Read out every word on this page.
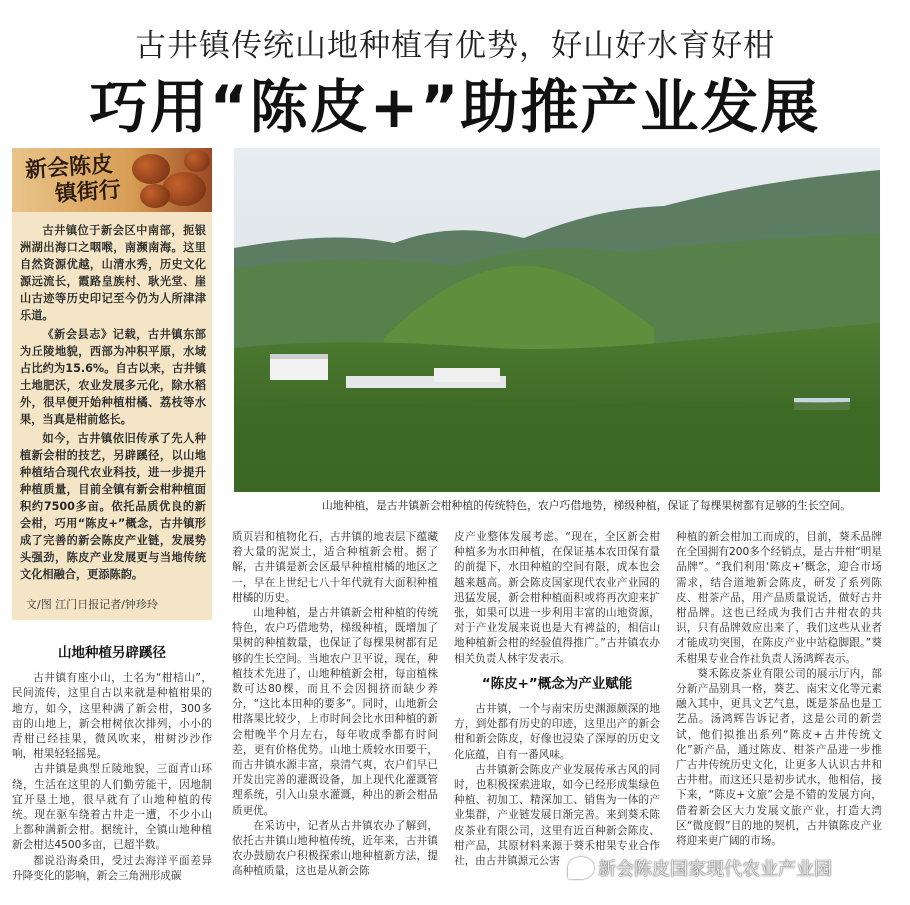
古井镇传统山地种植有优势，好山好水育好柑
巧用“陈皮+”助推产业发展
新会陈皮
镇街行

古井镇位于新会区中南部，扼银洲湖出海口之咽喉，南濒南海。这里自然资源优越，山清水秀，历史文化源远流长，霞路皇族村、耿光堂、崖山古迹等历史印记至今仍为人所津津乐道。

《新会县志》记载，古井镇东部为丘陵地貌，西部为冲积平原，水域占比约为15.6%。自古以来，古井镇土地肥沃，农业发展多元化，除水稻外，很早便开始种植柑橘、荔枝等水果，当真是柑前悠长。

如今，古井镇依旧传承了先人种植新会柑的技艺，另辟蹊径，以山地种植结合现代农业科技，进一步提升种植质量，目前全镇有新会柑种植面积约7500多亩。依托品质优良的新会柑，巧用“陈皮+”概念，古井镇形成了完善的新会陈皮产业链，发展势头强劲，陈皮产业发展更与当地传统文化相融合，更添陈韵。

文/图 江门日报记者/钟珍玲
山地种植，是古井镇新会柑种植的传统特色，农户巧借地势，梯级种植，保证了每棵果树都有足够的生长空间。
山地种植另辟蹊径

古井镇有座小山，土名为“柑桔山”，民间流传，这里自古以来就是种植柑果的地方，如今，这里种满了新会柑，300多亩的山地上，新会柑树依次排列，小小的青柑已经挂果，微风吹来，柑树沙沙作响，柑果轻轻摇晃。

古井镇是典型丘陵地貌，三面青山环绕，生活在这里的人们勤劳能干，因地制宜开垦土地，很早就有了山地种植的传统。现在驱车绕着古井走一遭，不少小山上都种满新会柑。据统计，全镇山地种植新会柑达4500多亩，已超半数。

都说沿海桑田，受过去海洋平面差异升降变化的影响，新会三角洲形成碳

质页岩和植物化石，古井镇的地表层下蕴藏着大量的泥炭土，适合种植新会柑。据了解，古井镇是新会区最早种植柑橘的地区之一，早在上世纪七八十年代就有大面积种植柑橘的历史。

山地种植，是古井镇新会柑种植的传统特色，农户巧借地势，梯级种植，既增加了果树的种植数量，也保证了每棵果树都有足够的生长空间。当地农户卫平说，现在，种植技术先进了，山地种植新会柑，每亩植株数可达80棵，而且不会因拥挤而缺少养分，“这比本田种的要多”。同时，山地新会柑落果比较少，上市时间会比水田种植的新会柑晚半个月左右，每年收成季都有时间差，更有价格优势。山地土质较水田要干，而古井镇水源丰富，泉清气爽，农户们早已开发出完善的灌溉设备，加上现代化灌溉管理系统，引入山泉水灌溉，种出的新会柑品质更优。

在采访中，记者从古井镇农办了解到，依托古井镇山地种植传统，近年来，古井镇农办鼓励农户积极探索山地种植新方法，提高种植质量，这也是从新会陈

皮产业整体发展考虑。“现在，全区新会柑种植多为水田种植，在保证基本农田保有量的前提下，水田种植的空间有限，成本也会越来越高。新会陈皮国家现代农业产业园的迅猛发展，新会柑种植面积或将再次迎来扩张，如果可以进一步利用丰富的山地资源，对于产业发展来说也是大有裨益的，相信山地种植新会柑的经验值得推广。”古井镇农办相关负责人林宇发表示。

“陈皮+”概念为产业赋能

古井镇，一个与南宋历史渊源颇深的地方，到处都有历史的印迹，这里出产的新会柑和新会陈皮，好像也浸染了深厚的历史文化底蕴，自有一番风味。

古井镇新会陈皮产业发展传承古风的同时，也积极探索进取，如今已经形成集绿色种植、初加工、精深加工、销售为一体的产业集群，产业链发展日渐完善。来到葵禾陈皮茶业有限公司，这里有近百种新会陈皮、柑产品，其原材料来源于葵禾柑果专业合作社，由古井镇源元公害

种植的新会柑加工而成的，目前，葵禾品牌在全国拥有200多个经销点，是古井柑“明星品牌”。“我们利用‘陈皮+’概念，迎合市场需求，结合道地新会陈皮，研发了系列陈皮、柑茶产品，用产品质量说话，做好古井柑品牌。这也已经成为我们古井柑农的共识，只有品牌效应出来了，我们这些从业者才能成功突围，在陈皮产业中站稳脚跟。”葵禾柑果专业合作社负责人汤鸿辉表示。

葵禾陈皮茶业有限公司的展示厅内，部分新产品别具一格，葵艺、南宋文化等元素融入其中，更具文艺气息，既是茶品也是工艺品。汤鸿辉告诉记者，这是公司的新尝试，他们拟推出系列“陈皮+古井传统文化”新产品，通过陈皮、柑茶产品进一步推广古井传统历史文化，让更多人认识古井和古井柑。而这还只是初步试水，他相信，接下来，“陈皮+文旅”会是不错的发展方向，借着新会区大力发展文旅产业，打造大湾区“微度假”目的地的契机，古井镇陈皮产业将迎来更广阔的市场。

新会陈皮国家现代农业产业园
